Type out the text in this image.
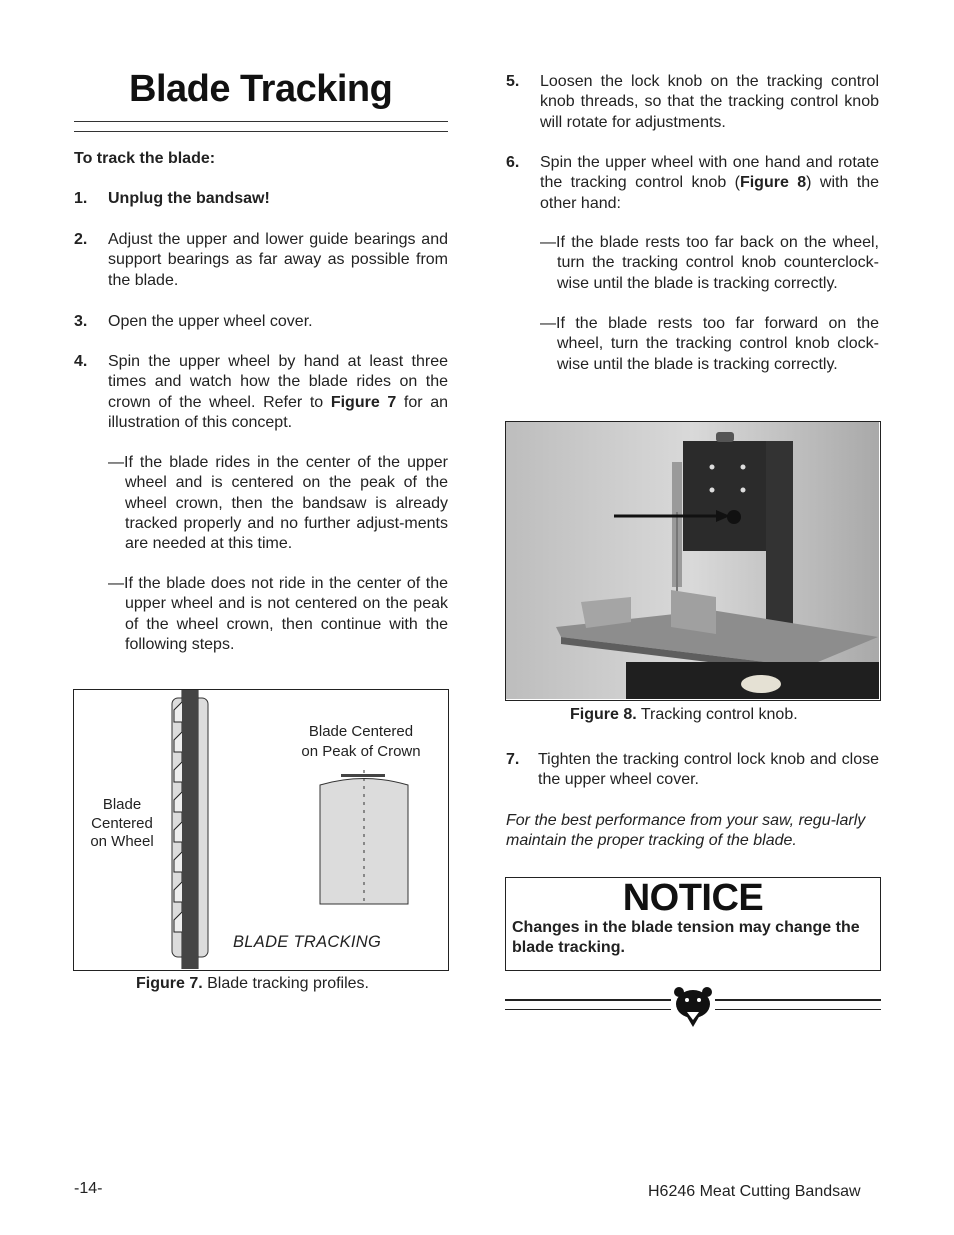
Blade Tracking
To track the blade:
1. Unplug the bandsaw!
2. Adjust the upper and lower guide bearings and support bearings as far away as possible from the blade.
3. Open the upper wheel cover.
4. Spin the upper wheel by hand at least three times and watch how the blade rides on the crown of the wheel. Refer to Figure 7 for an illustration of this concept.
—If the blade rides in the center of the upper wheel and is centered on the peak of the wheel crown, then the bandsaw is already tracked properly and no further adjust-ments are needed at this time.
—If the blade does not ride in the center of the upper wheel and is not centered on the peak of the wheel crown, then continue with the following steps.
Blade
Centered
on Wheel
Blade Centered
on Peak of Crown
BLADE TRACKING
Figure 7. Blade tracking profiles.
5. Loosen the lock knob on the tracking control knob threads, so that the tracking control knob will rotate for adjustments.
6. Spin the upper wheel with one hand and rotate the tracking control knob (Figure 8) with the other hand:
—If the blade rests too far back on the wheel, turn the tracking control knob counterclock-wise until the blade is tracking correctly.
—If the blade rests too far forward on the wheel, turn the tracking control knob clock-wise until the blade is tracking correctly.
Figure 8. Tracking control knob.
7. Tighten the tracking control lock knob and close the upper wheel cover.
For the best performance from your saw, regu-larly maintain the proper tracking of the blade.
NOTICE
Changes in the blade tension may change the blade tracking.
-14-	H6246 Meat Cutting Bandsaw
